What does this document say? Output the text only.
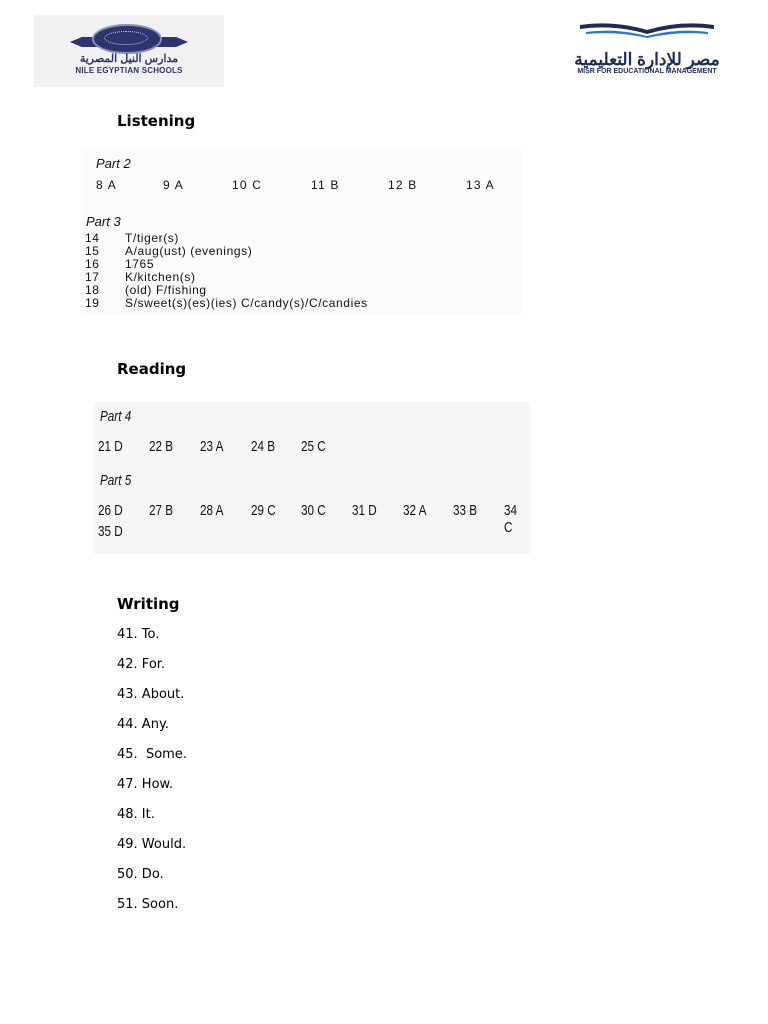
مدارس النيل المصرية
NILE EGYPTIAN SCHOOLS
مصر للإدارة التعليمية
MISR FOR EDUCATIONAL MANAGEMENT
Listening
Part 2
8 A	9 A	10 C	11 B	12 B	13 A
Part 3
14 T/tiger(s)
15 A/aug(ust) (evenings)
16 1765
17 K/kitchen(s)
18 (old) F/fishing
19 S/sweet(s)(es)(ies) C/candy(s)/C/candies
Reading
Part 4
21 D 22 B 23 A 24 B 25 C
Part 5
26 D 27 B 28 A 29 C 30 C 31 D 32 A 33 B 34 C
35 D
Writing
41. To.
42. For.
43. About.
44. Any.
45.  Some.
47. How.
48. It.
49. Would.
50. Do.
51. Soon.
